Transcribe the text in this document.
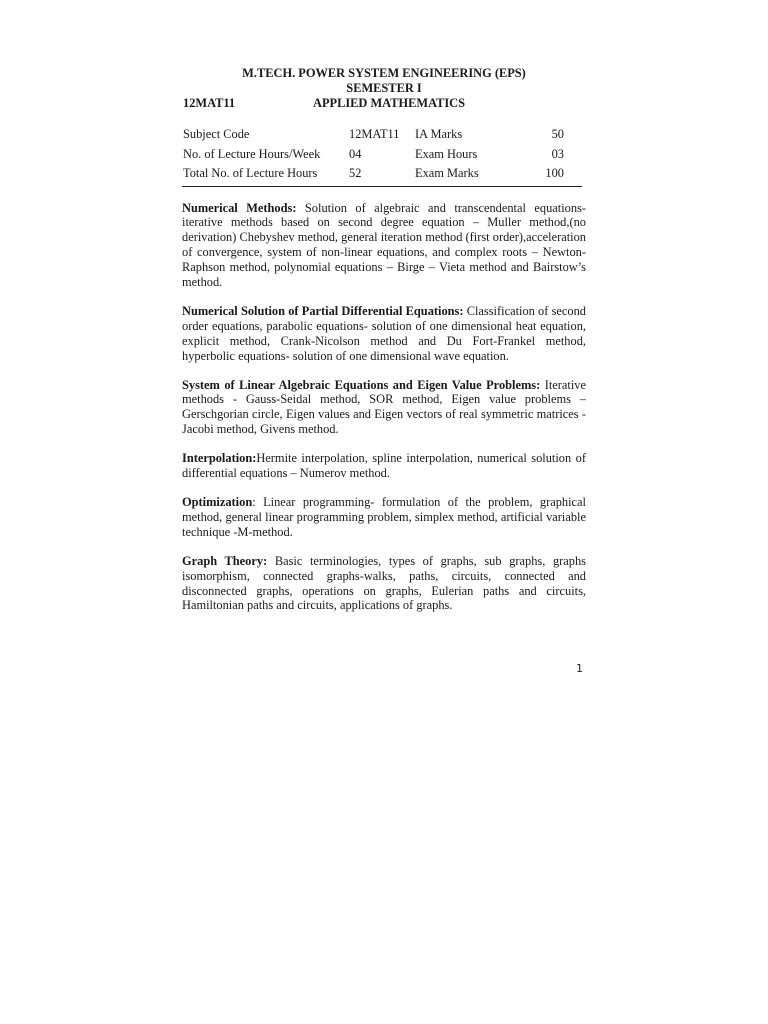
M.TECH. POWER SYSTEM ENGINEERING (EPS)
SEMESTER I
12MAT11	APPLIED MATHEMATICS
Subject Code	12MAT11	IA Marks	50
No. of Lecture Hours/Week	04	Exam Hours	03
Total No. of Lecture Hours	52	Exam Marks	100
Numerical Methods: Solution of algebraic and transcendental equations- iterative methods based on second degree equation – Muller method,(no derivation) Chebyshev method, general iteration method (first order),acceleration of convergence, system of non-linear equations, and complex roots – Newton-Raphson method, polynomial equations – Birge – Vieta method and Bairstow’s method.
Numerical Solution of Partial Differential Equations: Classification of second order equations, parabolic equations- solution of one dimensional heat equation, explicit method, Crank-Nicolson method and Du Fort-Frankel method, hyperbolic equations- solution of one dimensional wave equation.
System of Linear Algebraic Equations and Eigen Value Problems: Iterative methods - Gauss-Seidal method, SOR method, Eigen value problems – Gerschgorian circle, Eigen values and Eigen vectors of real symmetric matrices -Jacobi method, Givens method.
Interpolation:Hermite interpolation, spline interpolation, numerical solution of differential equations – Numerov method.
Optimization: Linear programming- formulation of the problem, graphical method, general linear programming problem, simplex method, artificial variable technique -M-method.
Graph Theory: Basic terminologies, types of graphs, sub graphs, graphs isomorphism, connected graphs-walks, paths, circuits, connected and disconnected graphs, operations on graphs, Eulerian paths and circuits, Hamiltonian paths and circuits, applications of graphs.
1
